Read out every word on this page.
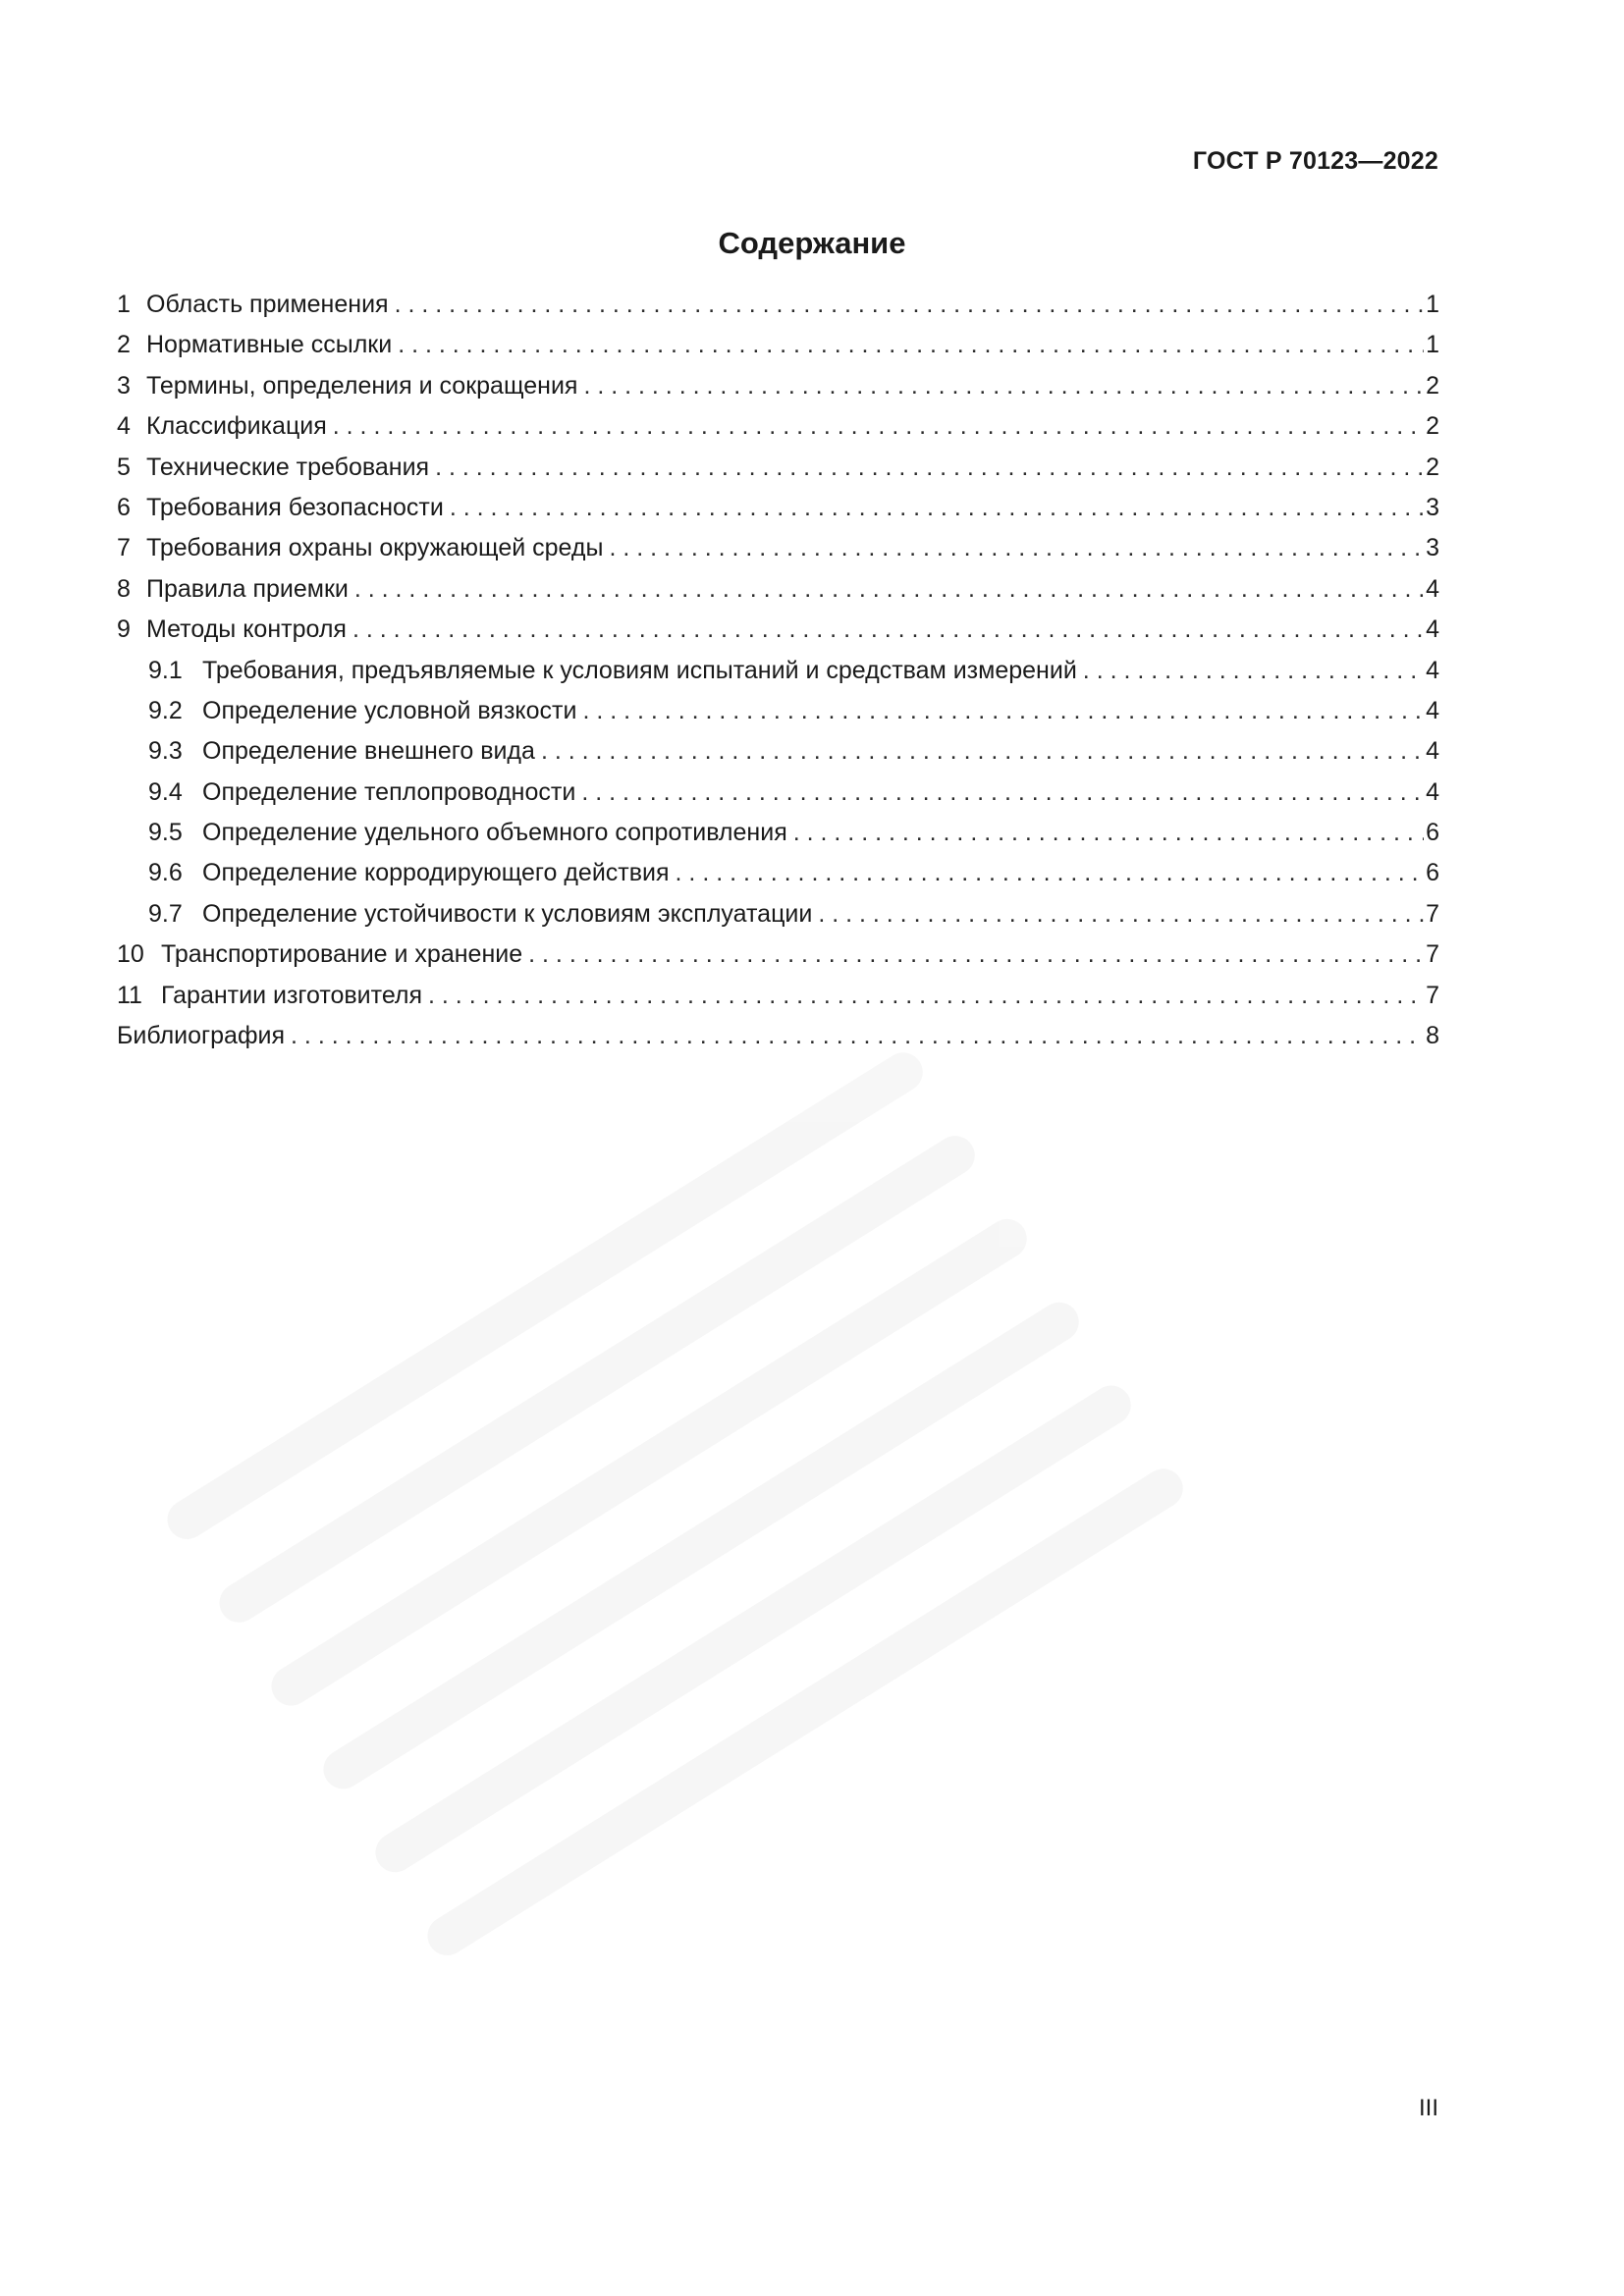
ГОСТ Р 70123—2022
Содержание
1 Область применения . . .	1
2 Нормативные ссылки . . .	1
3 Термины, определения и сокращения . . .	2
4 Классификация . . .	2
5 Технические требования . . .	2
6 Требования безопасности . . .	3
7 Требования охраны окружающей среды . . .	3
8 Правила приемки . . .	4
9 Методы контроля . . .	4
9.1 Требования, предъявляемые к условиям испытаний и средствам измерений . . .	4
9.2 Определение условной вязкости . . .	4
9.3 Определение внешнего вида . . .	4
9.4 Определение теплопроводности . . .	4
9.5 Определение удельного объемного сопротивления . . .	6
9.6 Определение корродирующего действия . . .	6
9.7 Определение устойчивости к условиям эксплуатации . . .	7
10 Транспортирование и хранение . . .	7
11 Гарантии изготовителя . . .	7
Библиография . . .	8
III
